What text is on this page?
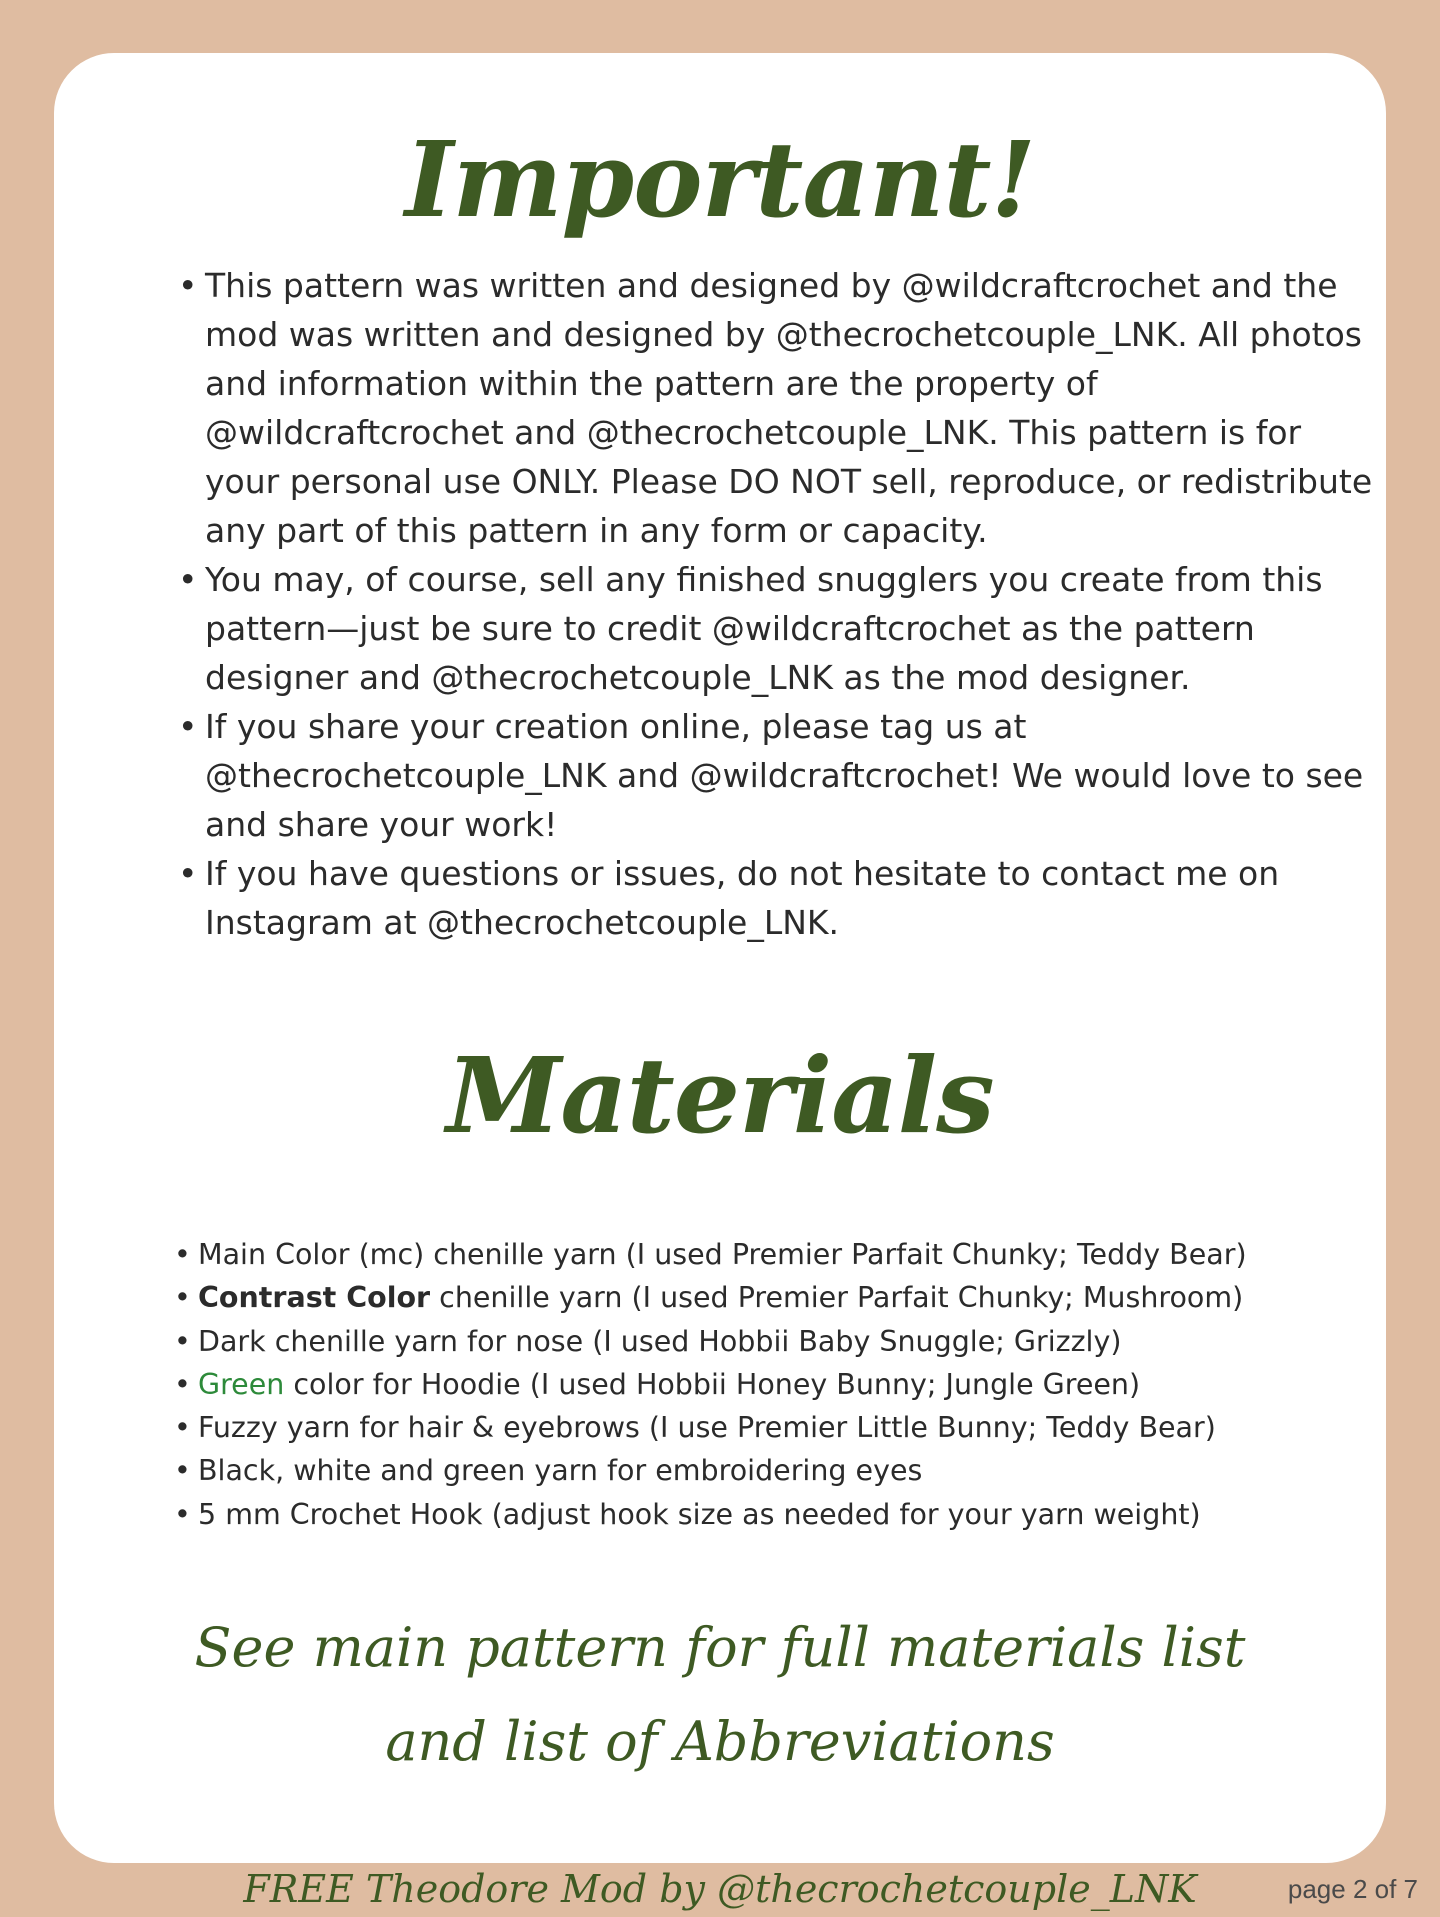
Important!
• This pattern was written and designed by @wildcraftcrochet and the mod was written and designed by @thecrochetcouple_LNK. All photos and information within the pattern are the property of @wildcraftcrochet and @thecrochetcouple_LNK. This pattern is for your personal use ONLY. Please DO NOT sell, reproduce, or redistribute any part of this pattern in any form or capacity.
• You may, of course, sell any finished snugglers you create from this pattern—just be sure to credit @wildcraftcrochet as the pattern designer and @thecrochetcouple_LNK as the mod designer.
• If you share your creation online, please tag us at @thecrochetcouple_LNK and @wildcraftcrochet! We would love to see and share your work!
• If you have questions or issues, do not hesitate to contact me on Instagram at @thecrochetcouple_LNK.
Materials
• Main Color (mc) chenille yarn (I used Premier Parfait Chunky; Teddy Bear)
• Contrast Color chenille yarn (I used Premier Parfait Chunky; Mushroom)
• Dark chenille yarn for nose (I used Hobbii Baby Snuggle; Grizzly)
• Green color for Hoodie (I used Hobbii Honey Bunny; Jungle Green)
• Fuzzy yarn for hair & eyebrows (I use Premier Little Bunny; Teddy Bear)
• Black, white and green yarn for embroidering eyes
• 5 mm Crochet Hook (adjust hook size as needed for your yarn weight)
See main pattern for full materials list
and list of Abbreviations
FREE Theodore Mod by @thecrochetcouple_LNK	page 2 of 7
